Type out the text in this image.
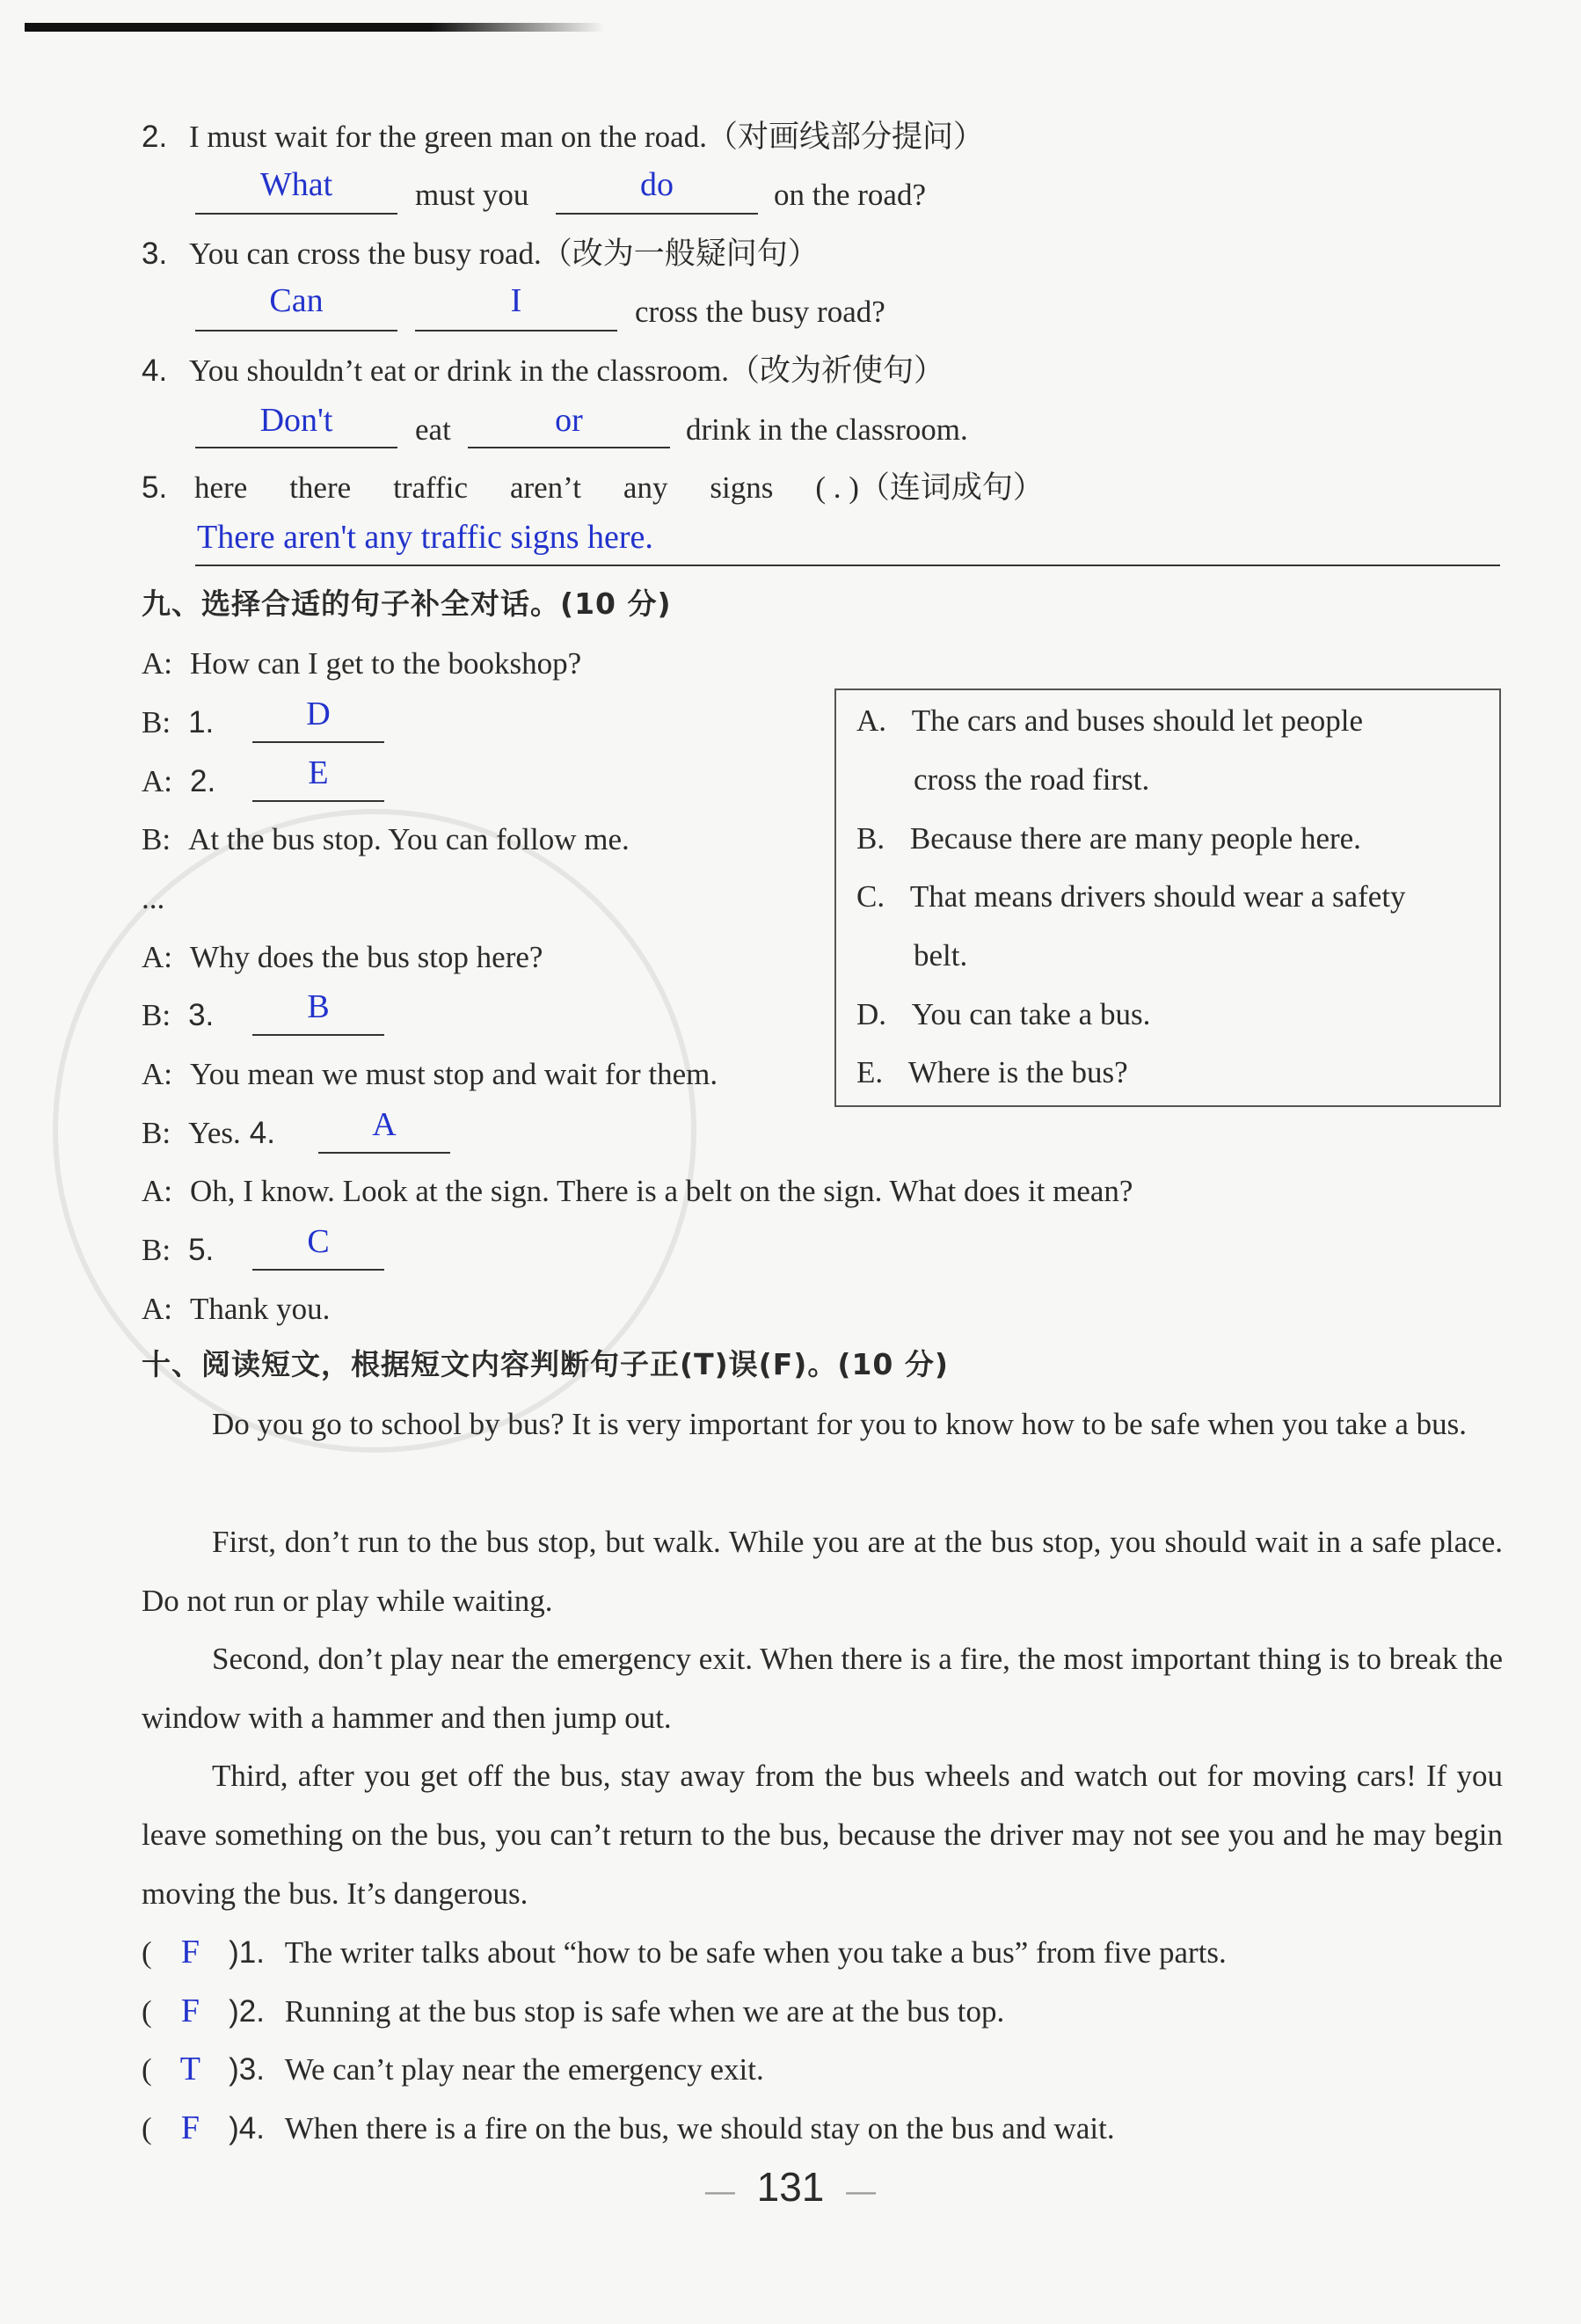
2. I must wait for the green man on the road.（对画线部分提问）
What	must you	do	on the road?
3. You can cross the busy road.（改为一般疑问句）
Can	I	cross the busy road?
4. You shouldn’t eat or drink in the classroom.（改为祈使句）
Don't	eat	or	drink in the classroom.
5. here there traffic aren’t any signs ( . )（连词成句）
There aren't any traffic signs here.
九、选择合适的句子补全对话。(10 分)
A: How can I get to the bookshop?
B: 1.	D
A: 2.	E
B: At the bus stop. You can follow me.
...
A: Why does the bus stop here?
B: 3.	B
A: You mean we must stop and wait for them.
B: Yes. 4.	A
A: Oh, I know. Look at the sign. There is a belt on the sign. What does it mean?
B: 5.	C
A: Thank you.
A. The cars and buses should let people
cross the road first.
B. Because there are many people here.
C. That means drivers should wear a safety
belt.
D. You can take a bus.
E. Where is the bus?
十、阅读短文，根据短文内容判断句子正(T)误(F)。(10 分)
Do you go to school by bus? It is very important for you to know how to be safe when you take a bus.
First, don’t run to the bus stop, but walk. While you are at the bus stop, you should wait in a safe place. Do not run or play while waiting.
Second, don’t play near the emergency exit. When there is a fire, the most important thing is to break the window with a hammer and then jump out.
Third, after you get off the bus, stay away from the bus wheels and watch out for moving cars! If you leave something on the bus, you can’t return to the bus, because the driver may not see you and he may begin moving the bus. It’s dangerous.
( F )1. The writer talks about “how to be safe when you take a bus” from five parts.
( F )2. Running at the bus stop is safe when we are at the bus top.
( T )3. We can’t play near the emergency exit.
( F )4. When there is a fire on the bus, we should stay on the bus and wait.
— 131 —
